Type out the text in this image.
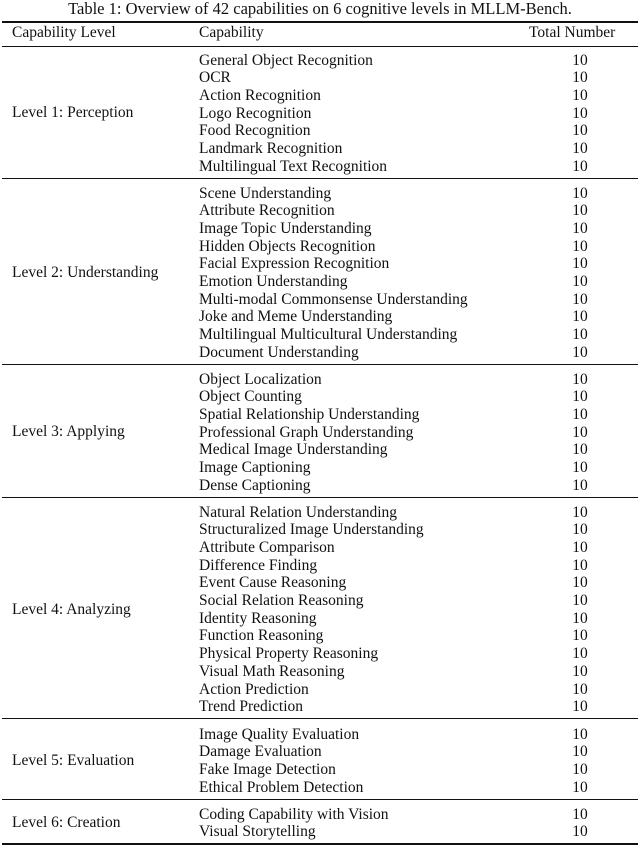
Table 1: Overview of 42 capabilities on 6 cognitive levels in MLLM-Bench.
Capability Level	Capability	Total Number
Level 1: Perception
General Object Recognition	10
OCR	10
Action Recognition	10
Logo Recognition	10
Food Recognition	10
Landmark Recognition	10
Multilingual Text Recognition	10
Level 2: Understanding
Scene Understanding	10
Attribute Recognition	10
Image Topic Understanding	10
Hidden Objects Recognition	10
Facial Expression Recognition	10
Emotion Understanding	10
Multi-modal Commonsense Understanding	10
Joke and Meme Understanding	10
Multilingual Multicultural Understanding	10
Document Understanding	10
Level 3: Applying
Object Localization	10
Object Counting	10
Spatial Relationship Understanding	10
Professional Graph Understanding	10
Medical Image Understanding	10
Image Captioning	10
Dense Captioning	10
Level 4: Analyzing
Natural Relation Understanding	10
Structuralized Image Understanding	10
Attribute Comparison	10
Difference Finding	10
Event Cause Reasoning	10
Social Relation Reasoning	10
Identity Reasoning	10
Function Reasoning	10
Physical Property Reasoning	10
Visual Math Reasoning	10
Action Prediction	10
Trend Prediction	10
Level 5: Evaluation
Image Quality Evaluation	10
Damage Evaluation	10
Fake Image Detection	10
Ethical Problem Detection	10
Level 6: Creation
Coding Capability with Vision	10
Visual Storytelling	10
